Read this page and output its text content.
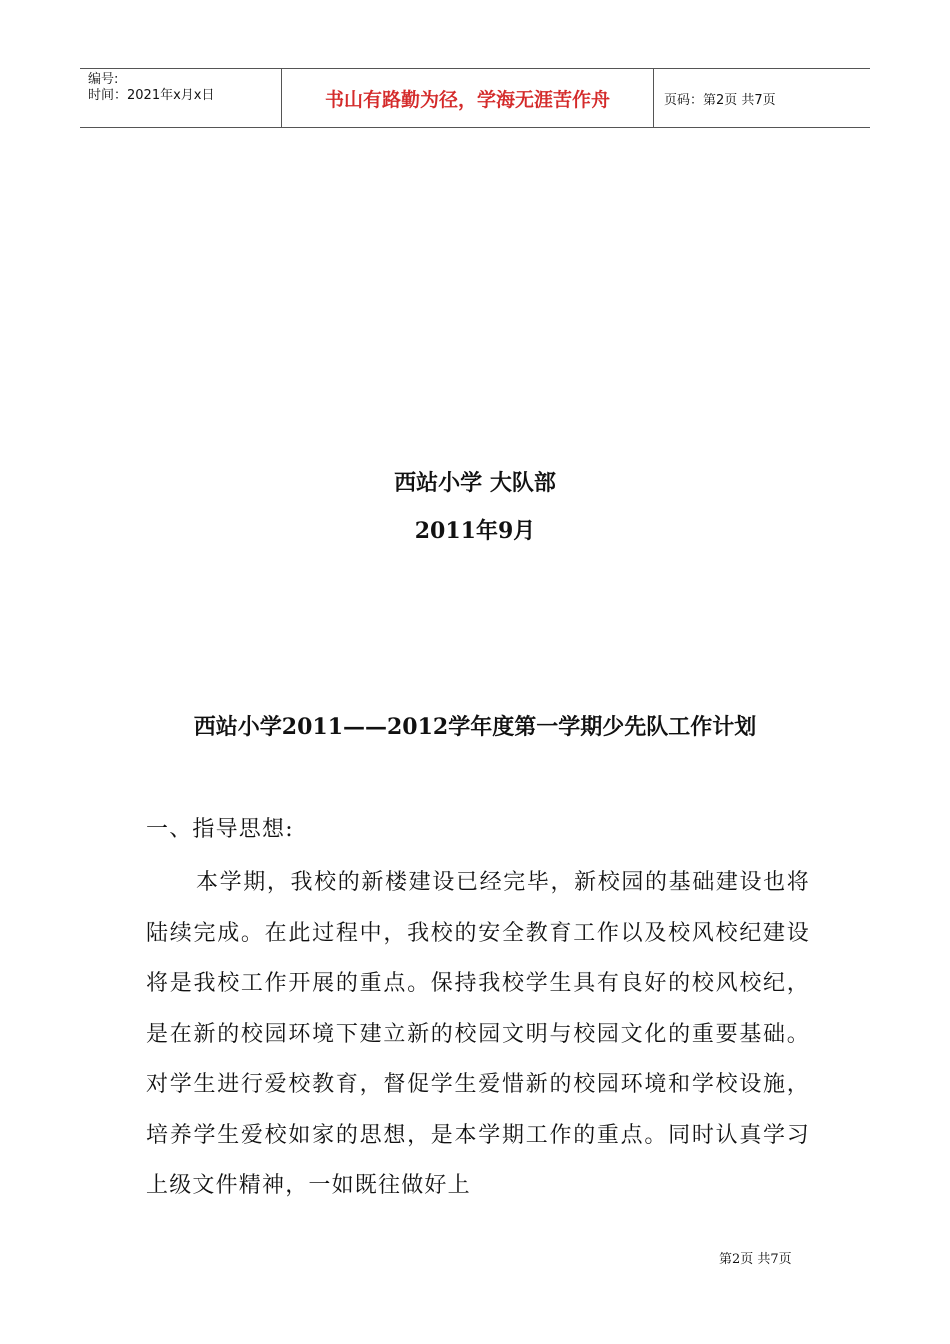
编号:
时间：2021年x月x日	书山有路勤为径，学海无涯苦作舟	页码：第2页 共7页
西站小学 大队部
2011年9月
西站小学2011——2012学年度第一学期少先队工作计划
一、指导思想:
本学期，我校的新楼建设已经完毕，新校园的基础建设也将陆续完成。在此过程中，我校的安全教育工作以及校风校纪建设将是我校工作开展的重点。保持我校学生具有良好的校风校纪，是在新的校园环境下建立新的校园文明与校园文化的重要基础。对学生进行爱校教育，督促学生爱惜新的校园环境和学校设施，培养学生爱校如家的思想，是本学期工作的重点。同时认真学习上级文件精神，一如既往做好上
第2页 共7页
